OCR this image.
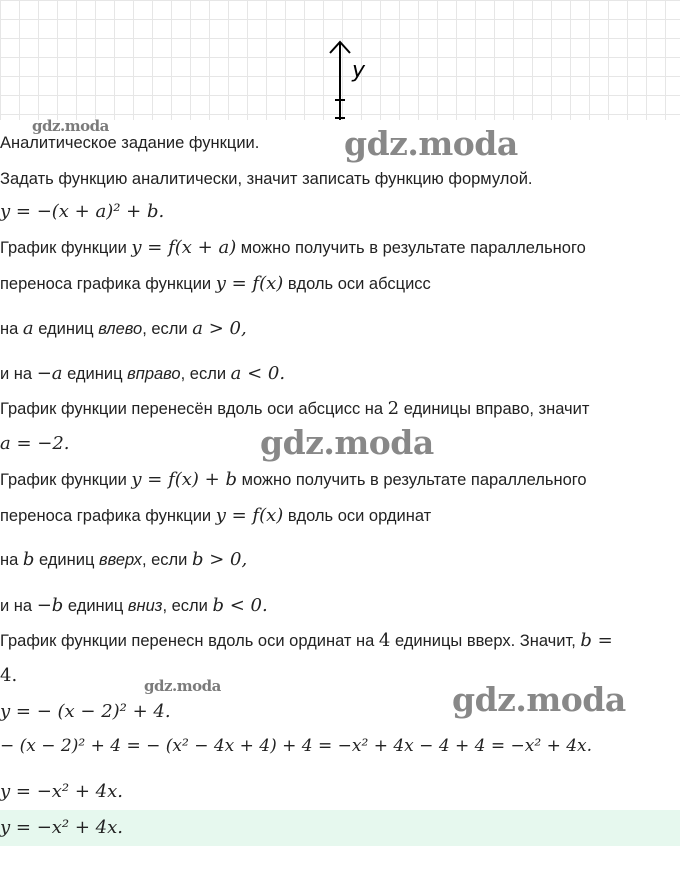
y
Аналитическое задание функции.
Задать функцию аналитически, значит записать функцию формулой.
y = −(x + a)² + b.
График функции y = f(x + a) можно получить в результате параллельного
переноса графика функции y = f(x) вдоль оси абсцисс
на a единиц влево, если a > 0,
и на −a единиц вправо, если a < 0.
График функции перенесён вдоль оси абсцисс на 2 единицы вправо, значит
a = −2.
График функции y = f(x) + b можно получить в результате параллельного
переноса графика функции y = f(x) вдоль оси ординат
на b единиц вверх, если b > 0,
и на −b единиц вниз, если b < 0.
График функции перенесн вдоль оси ординат на 4 единицы вверх. Значит, b =
4.
y = − (x − 2)² + 4.
− (x − 2)² + 4 = − (x² − 4x + 4) + 4 = −x² + 4x − 4 + 4 = −x² + 4x.
y = −x² + 4x.
y = −x² + 4x.
gdz.moda	gdz.moda
gdz.moda
gdz.moda	gdz.moda
